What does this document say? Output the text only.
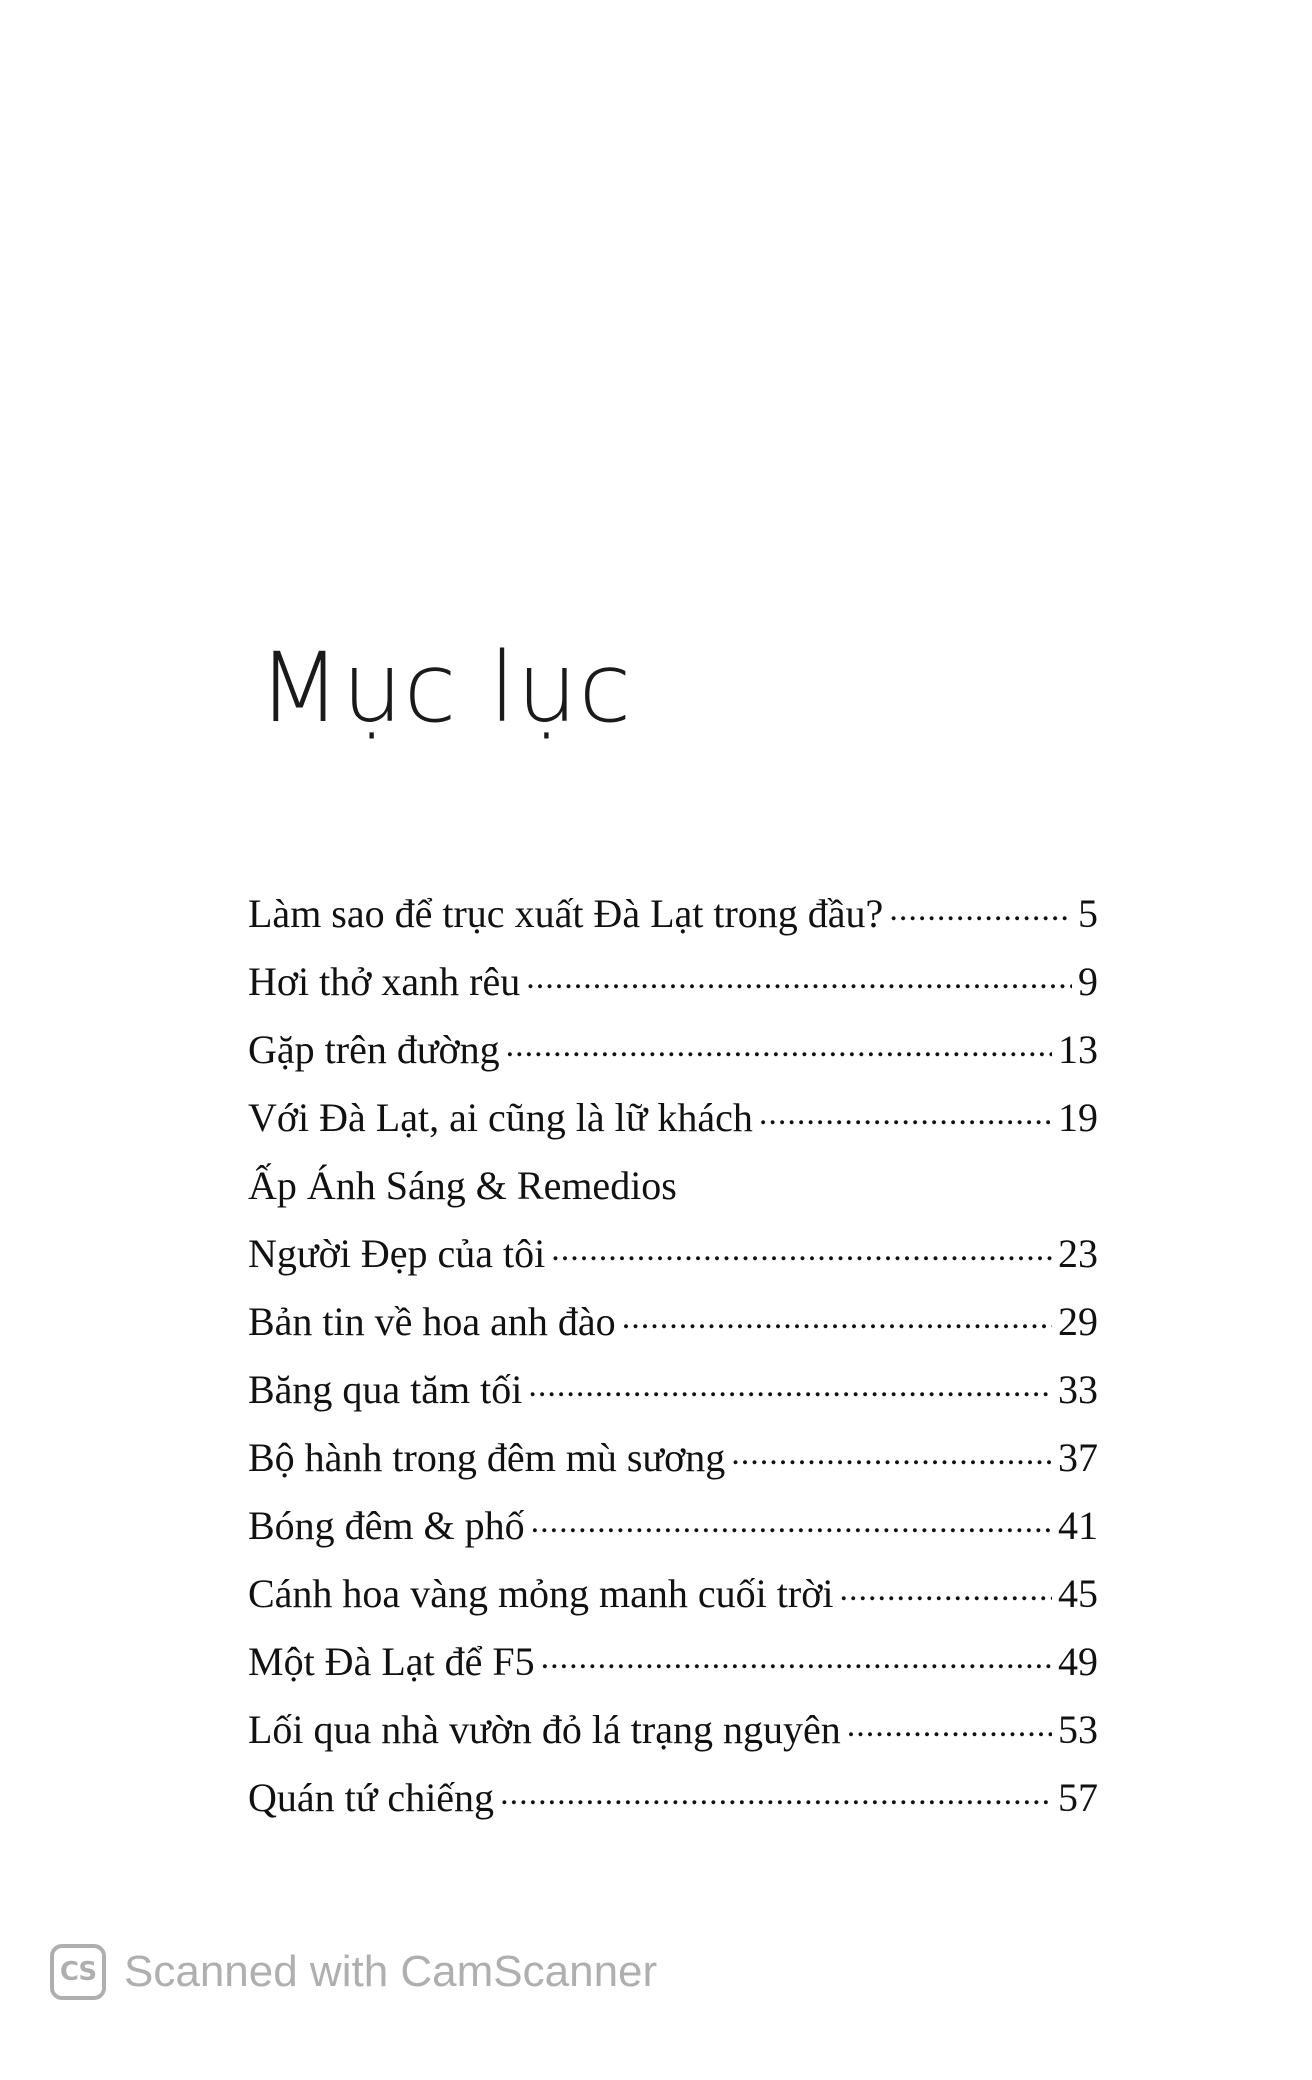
Mục lục
Làm sao để trục xuất Đà Lạt trong đầu? .....	5
Hơi thở xanh rêu .....	9
Gặp trên đường .....	13
Với Đà Lạt, ai cũng là lữ khách .....	19
Ấp Ánh Sáng & Remedios
Người Đẹp của tôi .....	23
Bản tin về hoa anh đào .....	29
Băng qua tăm tối .....	33
Bộ hành trong đêm mù sương .....	37
Bóng đêm & phố .....	41
Cánh hoa vàng mỏng manh cuối trời .....	45
Một Đà Lạt để F5 .....	49
Lối qua nhà vườn đỏ lá trạng nguyên .....	53
Quán tứ chiếng .....	57
CS Scanned with CamScanner
